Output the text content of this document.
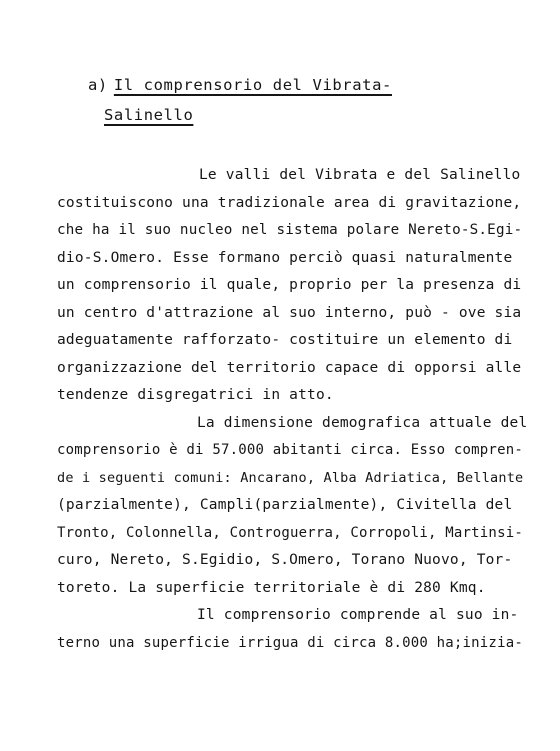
a) Il comprensorio del Vibrata-
Salinello
Le valli del Vibrata e del Salinello
costituiscono una tradizionale area di gravitazione,
che ha il suo nucleo nel sistema polare Nereto-S.Egi-
dio-S.Omero. Esse formano perciò quasi naturalmente
un comprensorio il quale, proprio per la presenza di
un centro d'attrazione al suo interno, può - ove sia
adeguatamente rafforzato- costituire un elemento di
organizzazione del territorio capace di opporsi alle
tendenze disgregatrici in atto.
La dimensione demografica attuale del
comprensorio è di 57.000 abitanti circa. Esso compren-
de i seguenti comuni: Ancarano, Alba Adriatica, Bellante
(parzialmente), Campli(parzialmente), Civitella del
Tronto, Colonnella, Controguerra, Corropoli, Martinsi-
curo, Nereto, S.Egidio, S.Omero, Torano Nuovo, Tor-
toreto. La superficie territoriale è di 280 Kmq.
Il comprensorio comprende al suo in-
terno una superficie irrigua di circa 8.000 ha;inizia-
